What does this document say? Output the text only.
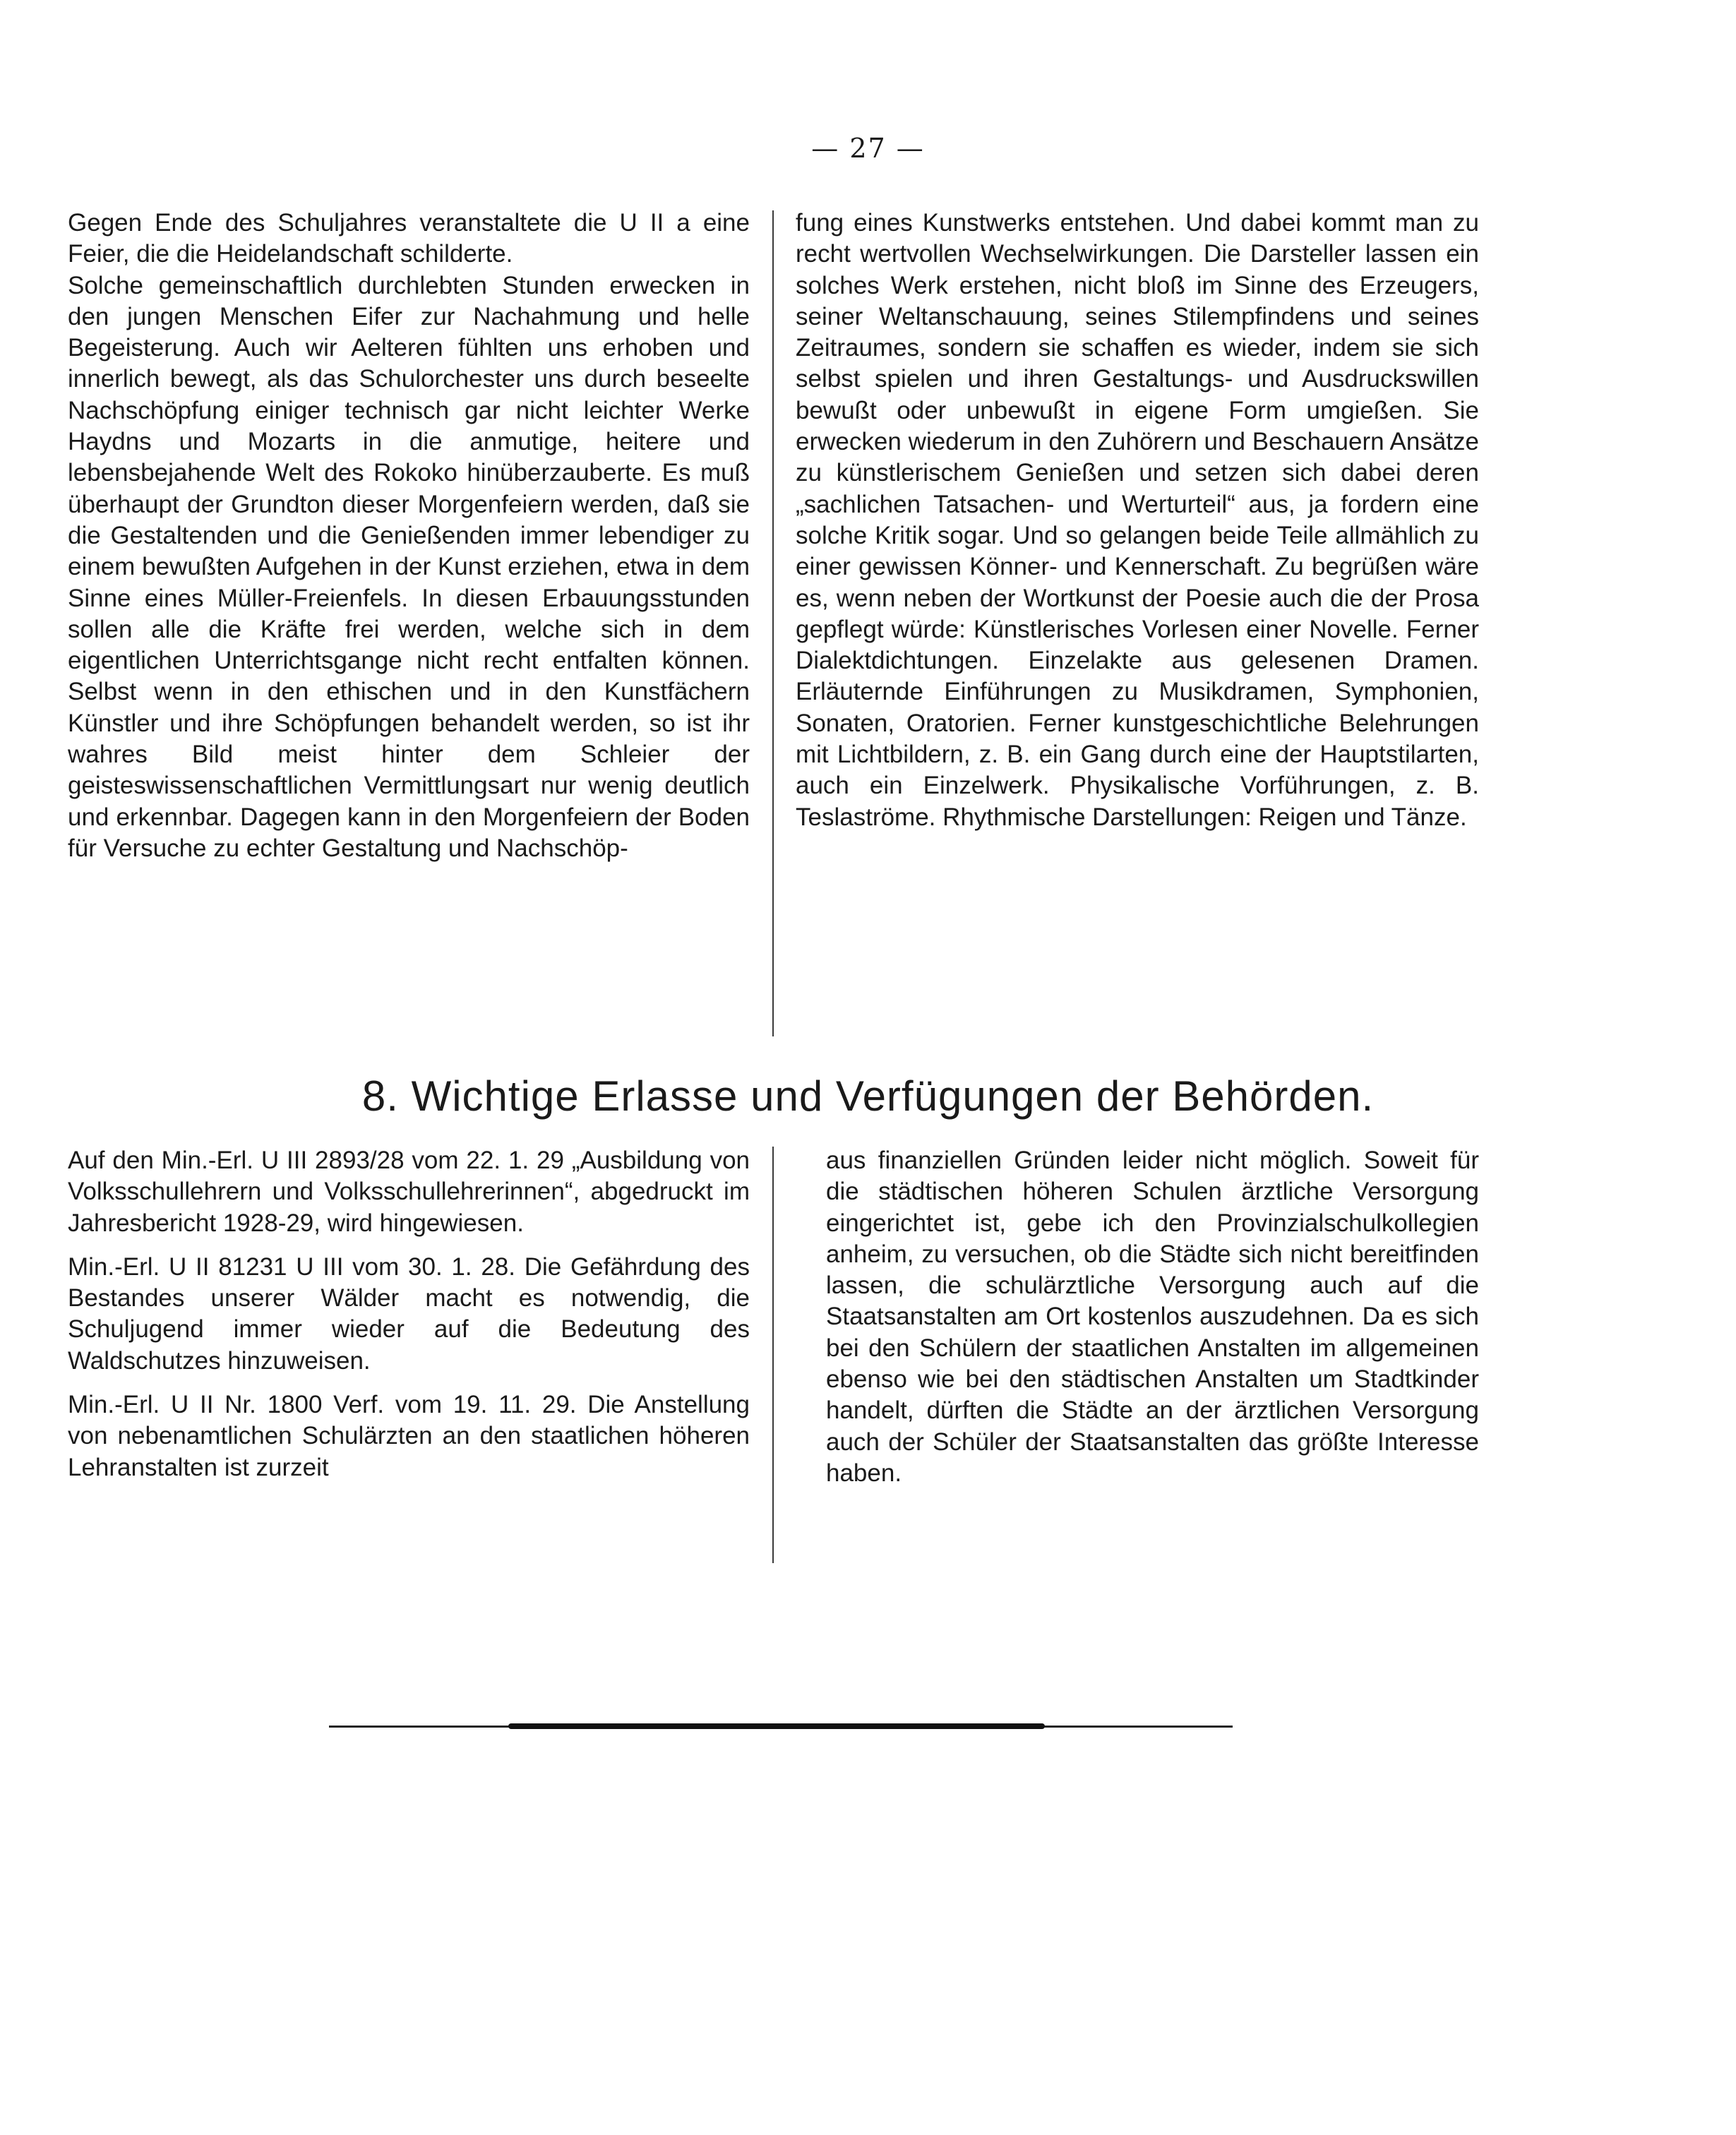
— 27 —

Gegen Ende des Schuljahres veranstaltete die U II a eine Feier, die die Heidelandschaft schilderte.

Solche gemeinschaftlich durchlebten Stunden erwecken in den jungen Menschen Eifer zur Nachahmung und helle Begeisterung. Auch wir Aelteren fühlten uns erhoben und innerlich bewegt, als das Schulorchester uns durch beseelte Nachschöpfung einiger technisch gar nicht leichter Werke Haydns und Mozarts in die anmutige, heitere und lebensbejahende Welt des Rokoko hinüberzauberte. Es muß überhaupt der Grundton dieser Morgenfeiern werden, daß sie die Gestaltenden und die Genießenden immer lebendiger zu einem bewußten Aufgehen in der Kunst erziehen, etwa in dem Sinne eines Müller-Freienfels. In diesen Erbauungsstunden sollen alle die Kräfte frei werden, welche sich in dem eigentlichen Unterrichtsgange nicht recht entfalten können. Selbst wenn in den ethischen und in den Kunstfächern Künstler und ihre Schöpfungen behandelt werden, so ist ihr wahres Bild meist hinter dem Schleier der geisteswissenschaftlichen Vermittlungsart nur wenig deutlich und erkennbar. Dagegen kann in den Morgenfeiern der Boden für Versuche zu echter Gestaltung und Nachschöp-

fung eines Kunstwerks entstehen. Und dabei kommt man zu recht wertvollen Wechselwirkungen. Die Darsteller lassen ein solches Werk erstehen, nicht bloß im Sinne des Erzeugers, seiner Weltanschauung, seines Stilempfindens und seines Zeitraumes, sondern sie schaffen es wieder, indem sie sich selbst spielen und ihren Gestaltungs- und Ausdruckswillen bewußt oder unbewußt in eigene Form umgießen. Sie erwecken wiederum in den Zuhörern und Beschauern Ansätze zu künstlerischem Genießen und setzen sich dabei deren „sachlichen Tatsachen- und Werturteil“ aus, ja fordern eine solche Kritik sogar. Und so gelangen beide Teile allmählich zu einer gewissen Könner- und Kennerschaft. Zu begrüßen wäre es, wenn neben der Wortkunst der Poesie auch die der Prosa gepflegt würde: Künstlerisches Vorlesen einer Novelle. Ferner Dialektdichtungen. Einzelakte aus gelesenen Dramen. Erläuternde Einführungen zu Musikdramen, Symphonien, Sonaten, Oratorien. Ferner kunstgeschichtliche Belehrungen mit Lichtbildern, z. B. ein Gang durch eine der Hauptstilarten, auch ein Einzelwerk. Physikalische Vorführungen, z. B. Teslaströme. Rhythmische Darstellungen: Reigen und Tänze.

8. Wichtige Erlasse und Verfügungen der Behörden.

Auf den Min.-Erl. U III 2893/28 vom 22. 1. 29 „Ausbildung von Volksschullehrern und Volksschullehrerinnen“, abgedruckt im Jahresbericht 1928-29, wird hingewiesen.

Min.-Erl. U II 81231 U III vom 30. 1. 28. Die Gefährdung des Bestandes unserer Wälder macht es notwendig, die Schuljugend immer wieder auf die Bedeutung des Waldschutzes hinzuweisen.

Min.-Erl. U II Nr. 1800 Verf. vom 19. 11. 29. Die Anstellung von nebenamtlichen Schulärzten an den staatlichen höheren Lehranstalten ist zurzeit

aus finanziellen Gründen leider nicht möglich. Soweit für die städtischen höheren Schulen ärztliche Versorgung eingerichtet ist, gebe ich den Provinzialschulkollegien anheim, zu versuchen, ob die Städte sich nicht bereitfinden lassen, die schulärztliche Versorgung auch auf die Staatsanstalten am Ort kostenlos auszudehnen. Da es sich bei den Schülern der staatlichen Anstalten im allgemeinen ebenso wie bei den städtischen Anstalten um Stadtkinder handelt, dürften die Städte an der ärztlichen Versorgung auch der Schüler der Staatsanstalten das größte Interesse haben.
